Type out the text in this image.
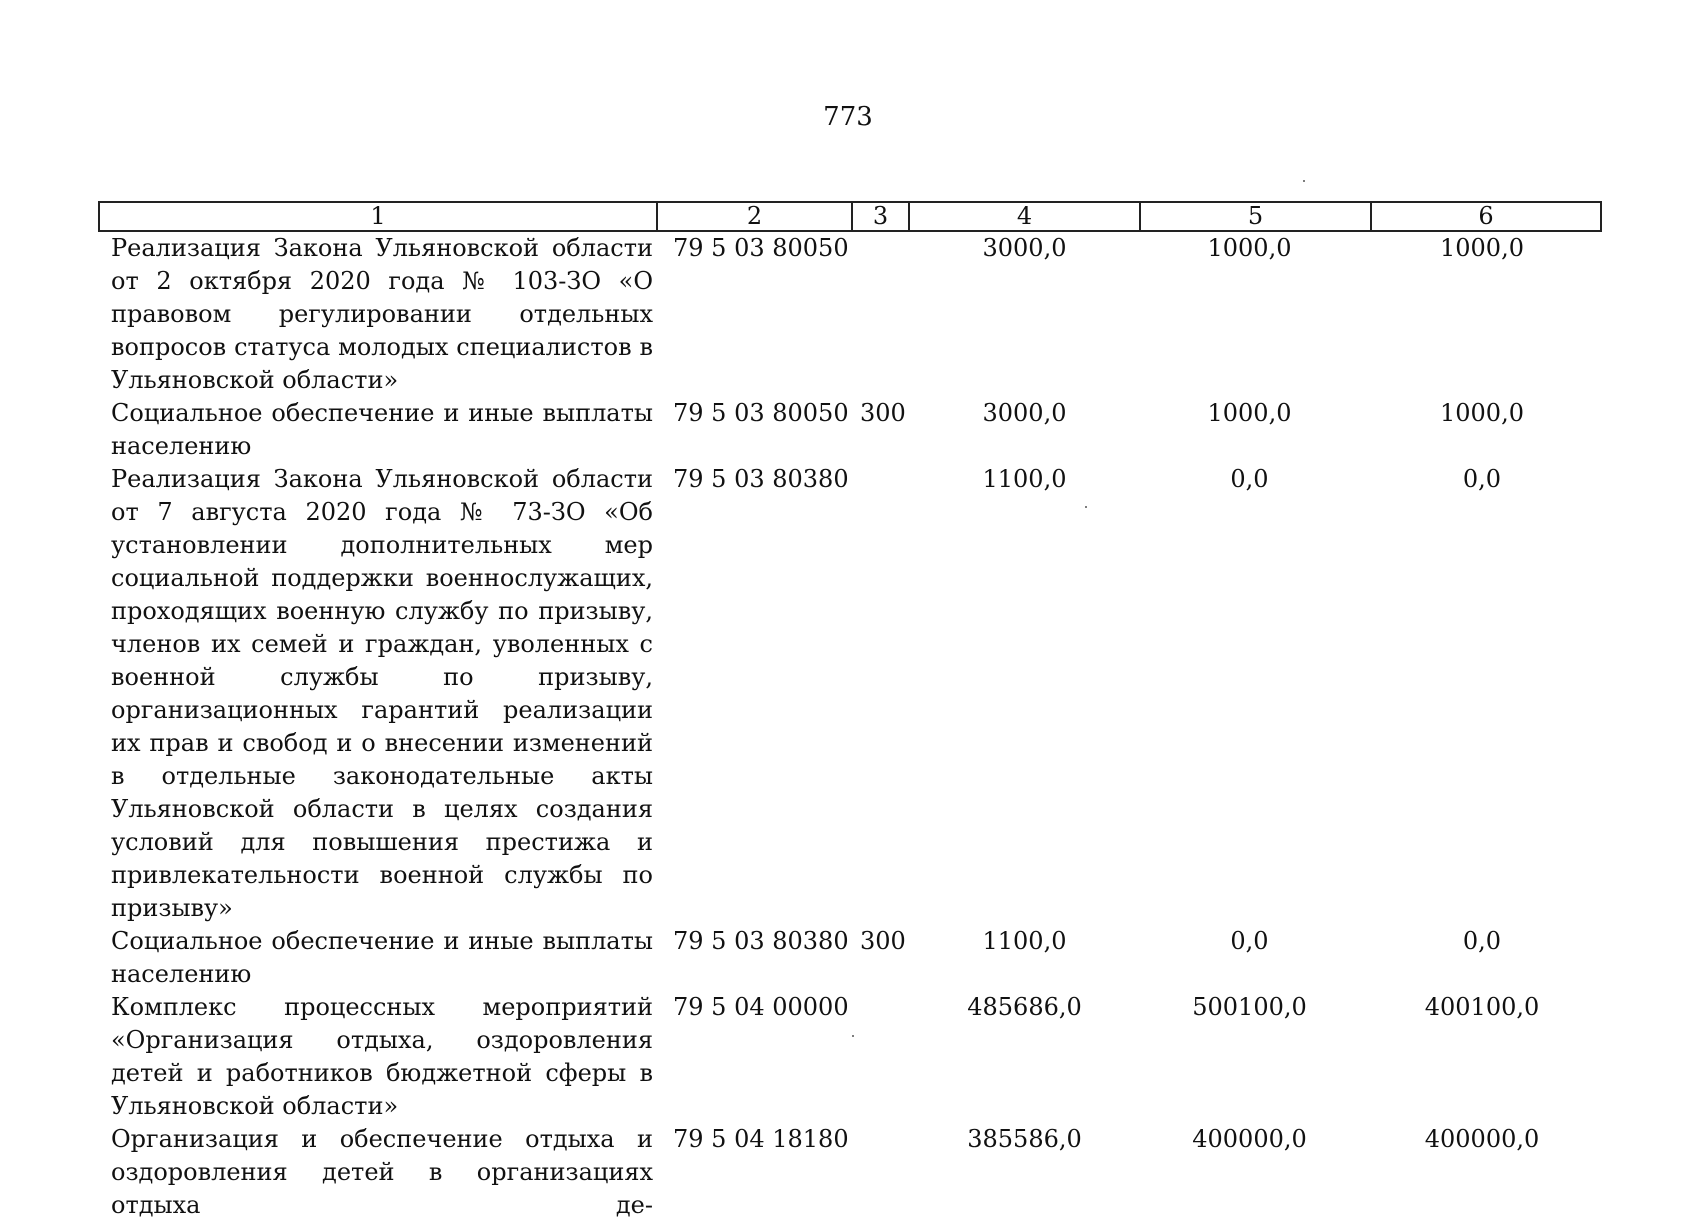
773
1	2	3	4	5	6
Реализация Закона Ульяновской области от 2 октября 2020 года № 103-ЗО «О правовом регулировании отдельных вопросов статуса молодых специалистов в Ульяновской области»	79 5 03 80050		3000,0	1000,0	1000,0
Социальное обеспечение и иные выплаты населению	79 5 03 80050	300	3000,0	1000,0	1000,0
Реализация Закона Ульяновской области от 7 августа 2020 года № 73-ЗО «Об установлении дополнительных мер социальной поддержки военнослужащих, проходящих военную службу по призыву, членов их семей и граждан, уволенных с военной службы по призыву, организационных гарантий реализации их прав и свобод и о внесении изменений в отдельные законодательные акты Ульяновской области в целях создания условий для повышения престижа и привлекательности военной службы по призыву»	79 5 03 80380		1100,0	0,0	0,0
Социальное обеспечение и иные выплаты населению	79 5 03 80380	300	1100,0	0,0	0,0
Комплекс процессных мероприятий «Организация отдыха, оздоровления детей и работников бюджетной сферы в Ульяновской области»	79 5 04 00000		485686,0	500100,0	400100,0
Организация и обеспечение отдыха и оздоровления детей в организациях отдыха де-	79 5 04 18180		385586,0	400000,0	400000,0
